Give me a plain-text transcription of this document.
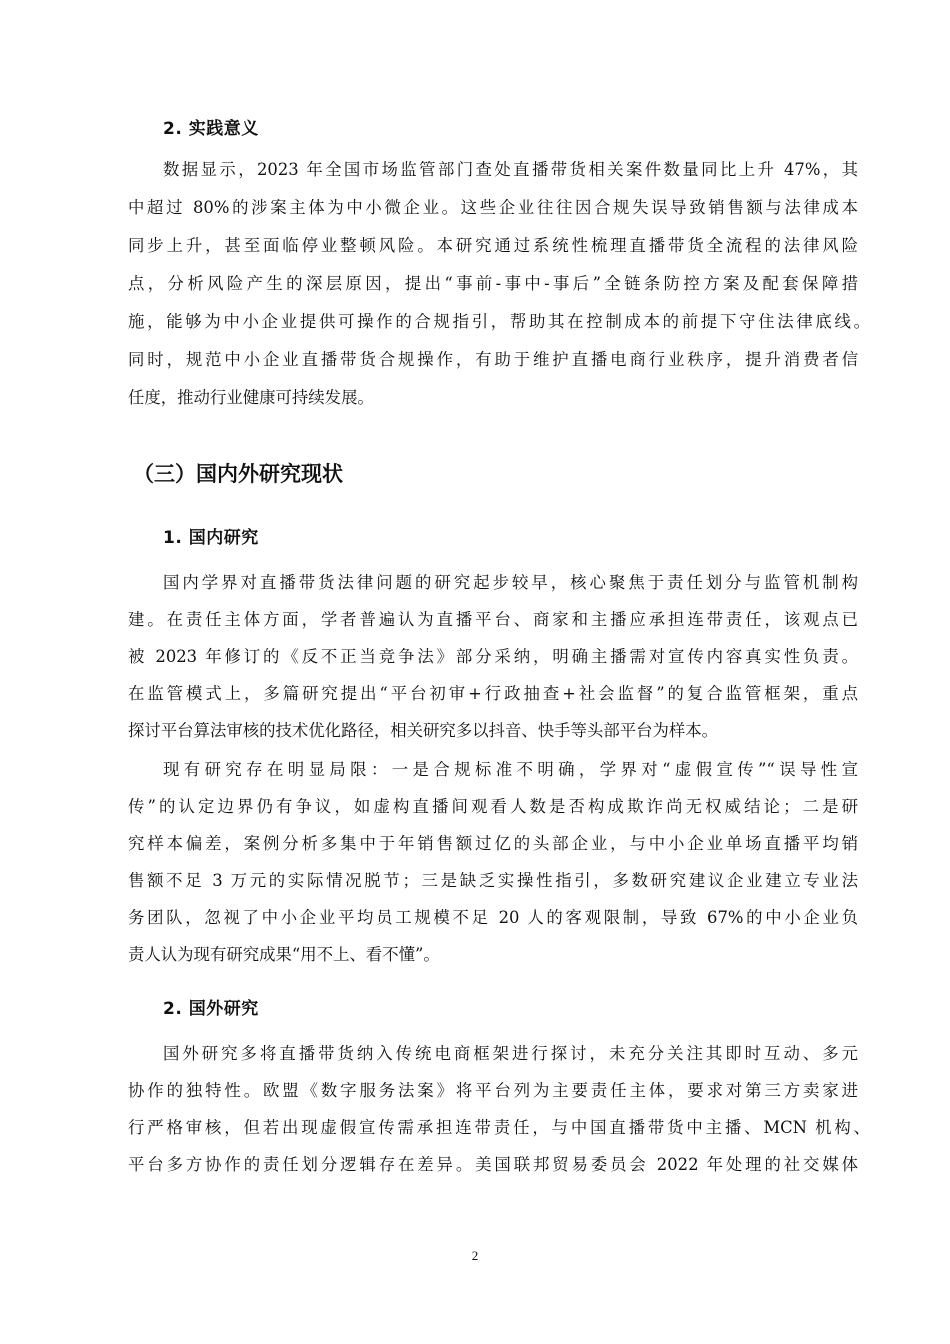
2. 实践意义
数据显示，2023 年全国市场监管部门查处直播带货相关案件数量同比上升 47%，其
中超过 80%的涉案主体为中小微企业。这些企业往往因合规失误导致销售额与法律成本
同步上升，甚至面临停业整顿风险。本研究通过系统性梳理直播带货全流程的法律风险
点，分析风险产生的深层原因，提出“事前-事中-事后”全链条防控方案及配套保障措
施，能够为中小企业提供可操作的合规指引，帮助其在控制成本的前提下守住法律底线。
同时，规范中小企业直播带货合规操作，有助于维护直播电商行业秩序，提升消费者信
任度，推动行业健康可持续发展。
（三）国内外研究现状
1. 国内研究
国内学界对直播带货法律问题的研究起步较早，核心聚焦于责任划分与监管机制构
建。在责任主体方面，学者普遍认为直播平台、商家和主播应承担连带责任，该观点已
被 2023 年修订的《反不正当竞争法》部分采纳，明确主播需对宣传内容真实性负责。
在监管模式上，多篇研究提出“平台初审+行政抽查+社会监督”的复合监管框架，重点
探讨平台算法审核的技术优化路径，相关研究多以抖音、快手等头部平台为样本。
现有研究存在明显局限：一是合规标准不明确，学界对“虚假宣传”“误导性宣
传”的认定边界仍有争议，如虚构直播间观看人数是否构成欺诈尚无权威结论；二是研
究样本偏差，案例分析多集中于年销售额过亿的头部企业，与中小企业单场直播平均销
售额不足 3 万元的实际情况脱节；三是缺乏实操性指引，多数研究建议企业建立专业法
务团队，忽视了中小企业平均员工规模不足 20 人的客观限制，导致 67%的中小企业负
责人认为现有研究成果“用不上、看不懂”。
2. 国外研究
国外研究多将直播带货纳入传统电商框架进行探讨，未充分关注其即时互动、多元
协作的独特性。欧盟《数字服务法案》将平台列为主要责任主体，要求对第三方卖家进
行严格审核，但若出现虚假宣传需承担连带责任，与中国直播带货中主播、MCN 机构、
平台多方协作的责任划分逻辑存在差异。美国联邦贸易委员会 2022 年处理的社交媒体
2
